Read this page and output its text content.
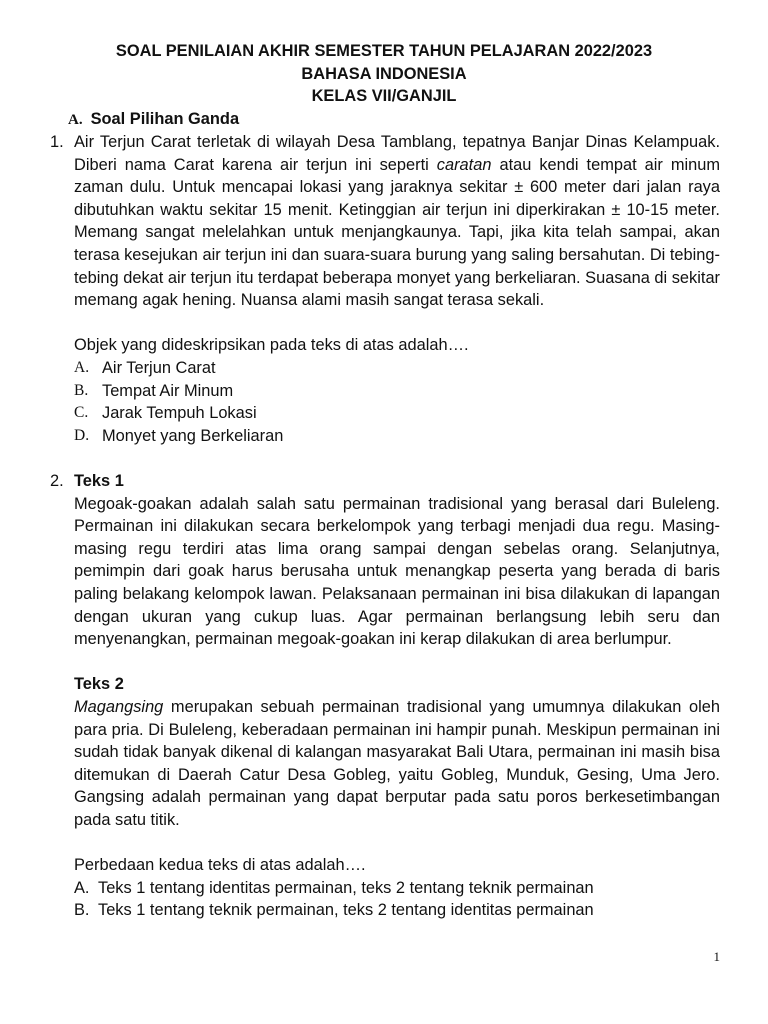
SOAL PENILAIAN AKHIR SEMESTER TAHUN PELAJARAN 2022/2023
BAHASA INDONESIA
KELAS VII/GANJIL
A. Soal Pilihan Ganda
1. Air Terjun Carat terletak di wilayah Desa Tamblang, tepatnya Banjar Dinas Kelampuak. Diberi nama Carat karena air terjun ini seperti caratan atau kendi tempat air minum zaman dulu. Untuk mencapai lokasi yang jaraknya sekitar ± 600 meter dari jalan raya dibutuhkan waktu sekitar 15 menit. Ketinggian air terjun ini diperkirakan ± 10-15 meter. Memang sangat melelahkan untuk menjangkaunya. Tapi, jika kita telah sampai, akan terasa kesejukan air terjun ini dan suara-suara burung yang saling bersahutan. Di tebing-tebing dekat air terjun itu terdapat beberapa monyet yang berkeliaran. Suasana di sekitar memang agak hening. Nuansa alami masih sangat terasa sekali.

Objek yang dideskripsikan pada teks di atas adalah….
A. Air Terjun Carat
B. Tempat Air Minum
C. Jarak Tempuh Lokasi
D. Monyet yang Berkeliaran
2. Teks 1

Megoak-goakan adalah salah satu permainan tradisional yang berasal dari Buleleng. Permainan ini dilakukan secara berkelompok yang terbagi menjadi dua regu. Masing-masing regu terdiri atas lima orang sampai dengan sebelas orang. Selanjutnya, pemimpin dari goak harus berusaha untuk menangkap peserta yang berada di baris paling belakang kelompok lawan. Pelaksanaan permainan ini bisa dilakukan di lapangan dengan ukuran yang cukup luas. Agar permainan berlangsung lebih seru dan menyenangkan, permainan megoak-goakan ini kerap dilakukan di area berlumpur.

Teks 2

Magangsing merupakan sebuah permainan tradisional yang umumnya dilakukan oleh para pria. Di Buleleng, keberadaan permainan ini hampir punah. Meskipun permainan ini sudah tidak banyak dikenal di kalangan masyarakat Bali Utara, permainan ini masih bisa ditemukan di Daerah Catur Desa Gobleg, yaitu Gobleg, Munduk, Gesing, Uma Jero. Gangsing adalah permainan yang dapat berputar pada satu poros berkesetimbangan pada satu titik.

Perbedaan kedua teks di atas adalah….
A. Teks 1 tentang identitas permainan, teks 2 tentang teknik permainan
B. Teks 1 tentang teknik permainan, teks 2 tentang identitas permainan
1
